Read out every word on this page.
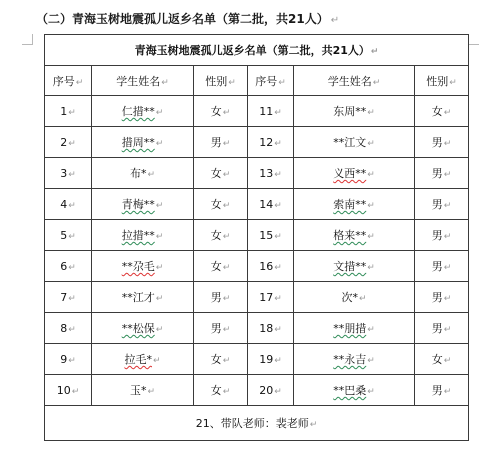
（二）青海玉树地震孤儿返乡名单（第二批，共21人） ↵
青海玉树地震孤儿返乡名单（第二批，共21人）↵					
序号↵	学生姓名↵	性别↵	序号↵	学生姓名↵	性别↵
1↵	仁措**↵	女↵	11↵	东周**↵	女↵
2↵	措周**↵	男↵	12↵	**江文↵	男↵
3↵	布*↵	女↵	13↵	义西**↵	男↵
4↵	青梅**↵	女↵	14↵	索南**↵	男↵
5↵	拉措**↵	女↵	15↵	格来**↵	男↵
6↵	**尕毛↵	女↵	16↵	文措**↵	男↵
7↵	**江才↵	男↵	17↵	次*↵	男↵
8↵	**松保↵	男↵	18↵	**朋措↵	男↵
9↵	拉毛*↵	女↵	19↵	**永吉↵	女↵
10↵	玉*↵	女↵	20↵	**巴桑↵	男↵
21、带队老师：裴老师↵					
